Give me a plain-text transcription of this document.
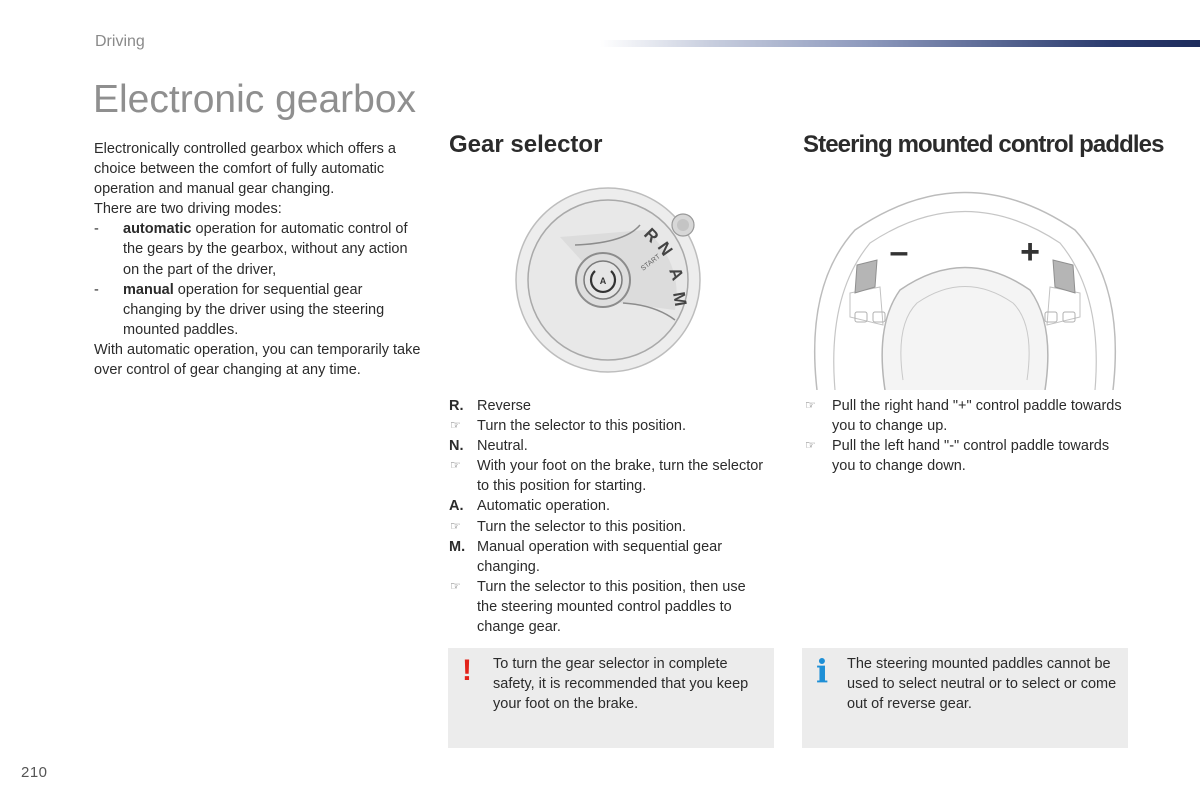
Driving
Electronic gearbox

Electronically controlled gearbox which offers a choice between the comfort of fully automatic operation and manual gear changing.

There are two driving modes:

- automatic operation for automatic control of the gears by the gearbox, without any action on the part of the driver,
- manual operation for sequential gear changing by the driver using the steering mounted paddles.

With automatic operation, you can temporarily take over control of gear changing at any time.

Gear selector
A
START
R
N
A
M
R. Reverse
☞ Turn the selector to this position.
N. Neutral.
☞ With your foot on the brake, turn the selector to this position for starting.
A. Automatic operation.
☞ Turn the selector to this position.
M. Manual operation with sequential gear changing.
☞ Turn the selector to this position, then use the steering mounted control paddles to change gear.
Steering mounted control paddles
–	+
☞ Pull the right hand "+" control paddle towards you to change up.
☞ Pull the left hand "-" control paddle towards you to change down.
! To turn the gear selector in complete safety, it is recommended that you keep your foot on the brake.
i The steering mounted paddles cannot be used to select neutral or to select or come out of reverse gear.
210
